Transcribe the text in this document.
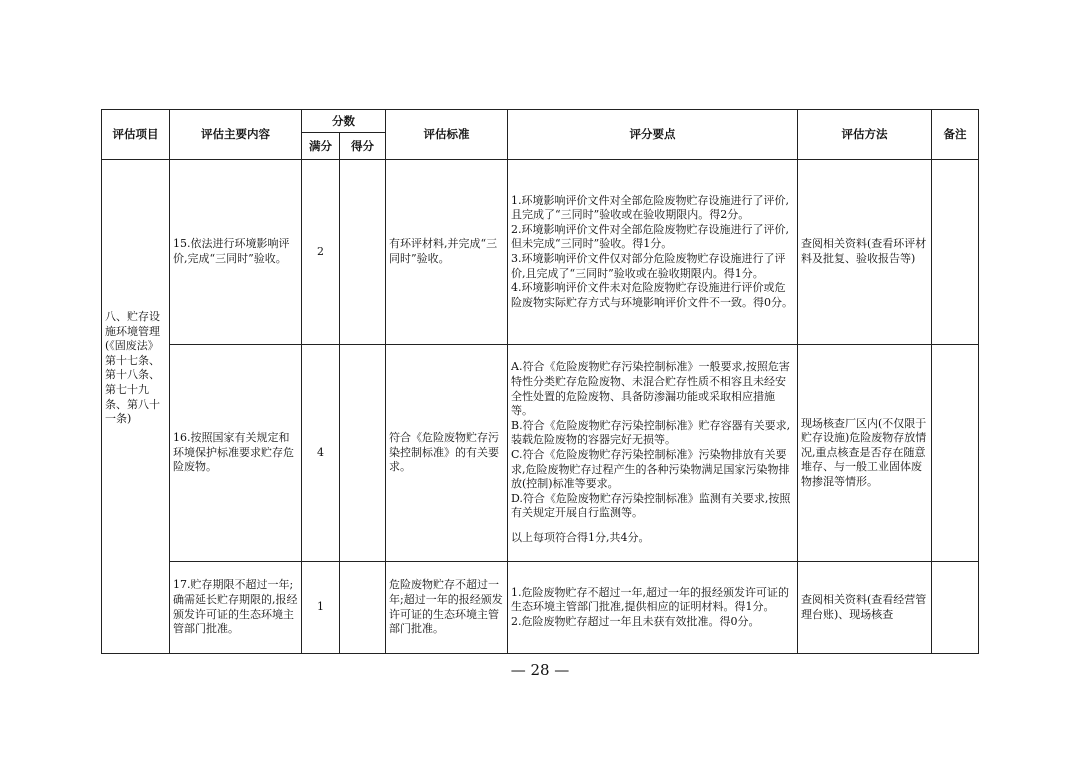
评估项目	评估主要内容	分数		评估标准	评分要点	评估方法	备注
		满分	得分				
八、贮存设施环境管理(《固废法》第十七条、第十八条、第七十九条、第八十一条)	15.依法进行环境影响评价,完成“三同时”验收。	2		有环评材料,并完成“三同时”验收。	1.环境影响评价文件对全部危险废物贮存设施进行了评价,且完成了“三同时”验收或在验收期限内。得2分。
2.环境影响评价文件对全部危险废物贮存设施进行了评价,但未完成“三同时”验收。得1分。
3.环境影响评价文件仅对部分危险废物贮存设施进行了评价,且完成了“三同时”验收或在验收期限内。得1分。
4.环境影响评价文件未对危险废物贮存设施进行评价或危险废物实际贮存方式与环境影响评价文件不一致。得0分。	查阅相关资料(查看环评材料及批复、验收报告等)	
	16.按照国家有关规定和环境保护标准要求贮存危险废物。	4		符合《危险废物贮存污染控制标准》的有关要求。	A.符合《危险废物贮存污染控制标准》一般要求,按照危害特性分类贮存危险废物、未混合贮存性质不相容且未经安全性处置的危险废物、具备防渗漏功能或采取相应措施等。
B.符合《危险废物贮存污染控制标准》贮存容器有关要求,装载危险废物的容器完好无损等。
C.符合《危险废物贮存污染控制标准》污染物排放有关要求,危险废物贮存过程产生的各种污染物满足国家污染物排放(控制)标准等要求。
D.符合《危险废物贮存污染控制标准》监测有关要求,按照有关规定开展自行监测等。
以上每项符合得1分,共4分。	现场核查厂区内(不仅限于贮存设施)危险废物存放情况,重点核查是否存在随意堆存、与一般工业固体废物掺混等情形。	
	17.贮存期限不超过一年;确需延长贮存期限的,报经颁发许可证的生态环境主管部门批准。	1		危险废物贮存不超过一年;超过一年的报经颁发许可证的生态环境主管部门批准。	1.危险废物贮存不超过一年,超过一年的报经颁发许可证的生态环境主管部门批准,提供相应的证明材料。得1分。
2.危险废物贮存超过一年且未获有效批准。得0分。	查阅相关资料(查看经营管理台账)、现场核查	
— 28 —
